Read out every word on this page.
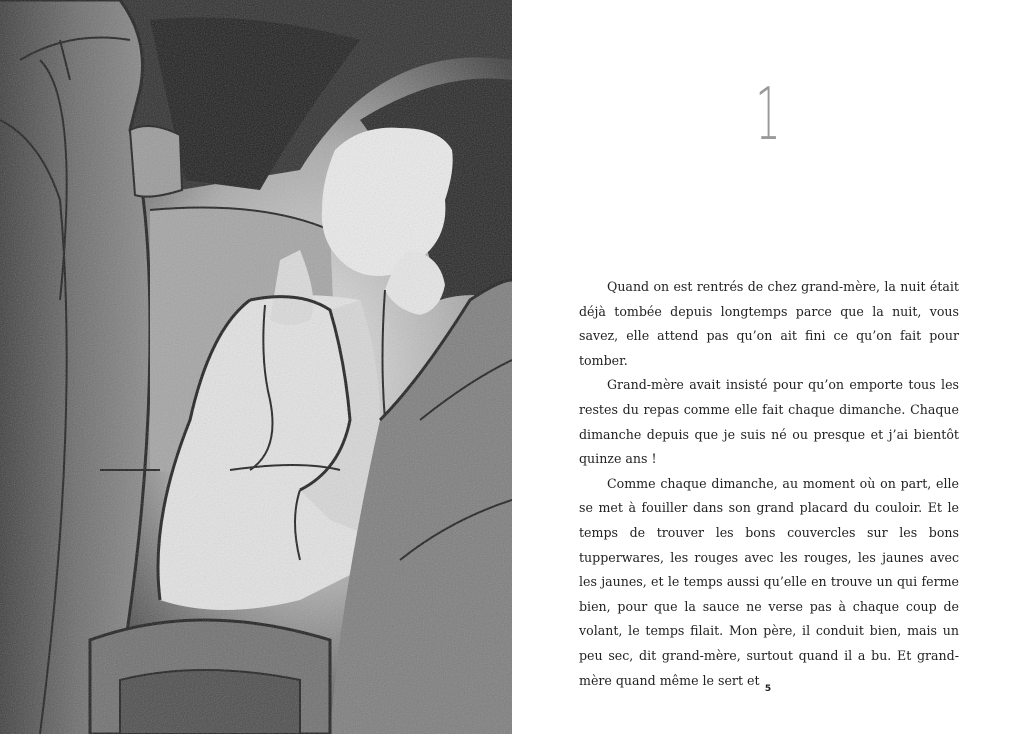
1

Quand on est rentrés de chez grand-mère, la nuit était déjà tombée depuis longtemps parce que la nuit, vous savez, elle attend pas qu’on ait fini ce qu’on fait pour tomber.

Grand-mère avait insisté pour qu’on emporte tous les restes du repas comme elle fait chaque dimanche. Chaque dimanche depuis que je suis né ou presque et j’ai bientôt quinze ans !

Comme chaque dimanche, au moment où on part, elle se met à fouiller dans son grand placard du couloir. Et le temps de trouver les bons couvercles sur les bons tupperwares, les rouges avec les rouges, les jaunes avec les jaunes, et le temps aussi qu’elle en trouve un qui ferme bien, pour que la sauce ne verse pas à chaque coup de volant, le temps filait. Mon père, il conduit bien, mais un peu sec, dit grand-mère, surtout quand il a bu. Et grand-mère quand même le sert et

5
